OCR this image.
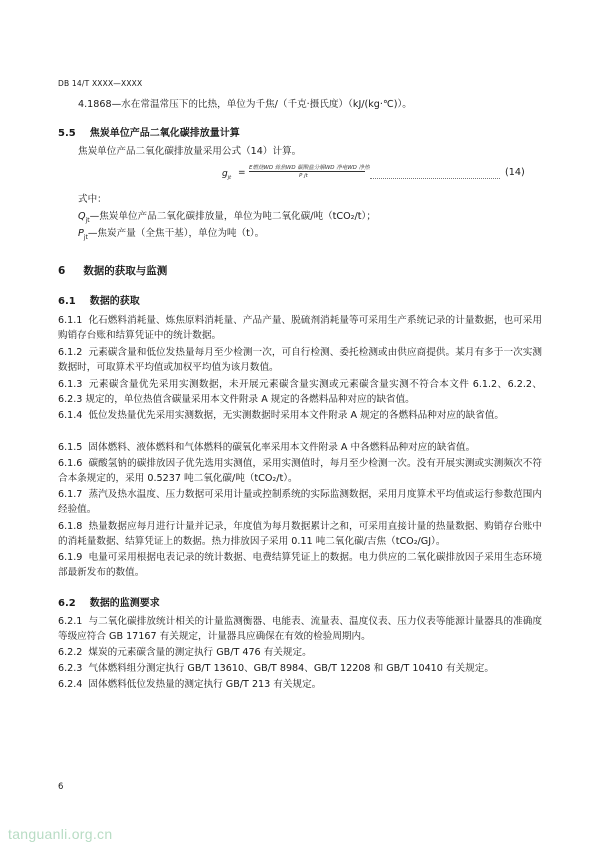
DB 14/T XXXX—XXXX
4.1868—水在常温常压下的比热，单位为千焦/（千克·摄氏度）（kJ/(kg·℃)）。
5.5 焦炭单位产品二氧化碳排放量计算
焦炭单位产品二氧化碳排放量采用公式（14）计算。
$g_{jt} = E$燃烧WD 炼焦WD 碳酸盐分解WD 净电WD 净热
P jt	(14)
式中：
$Q_{jt}—$焦炭单位产品二氧化碳排放量，单位为吨二氧化碳/吨（tCO₂/t）；
$P_{jt}—$焦炭产量（全焦干基），单位为吨（t）。
6 数据的获取与监测
6.1 数据的获取
6.1.1 化石燃料消耗量、炼焦原料消耗量、产品产量、脱硫剂消耗量等可采用生产系统记录的计量数据，也可采用购销存台账和结算凭证中的统计数据。
6.1.2 元素碳含量和低位发热量每月至少检测一次，可自行检测、委托检测或由供应商提供。某月有多于一次实测数据时，可取算术平均值或加权平均值为该月数值。
6.1.3 元素碳含量优先采用实测数据，未开展元素碳含量实测或元素碳含量实测不符合本文件 6.1.2、6.2.2、6.2.3 规定的，单位热值含碳量采用本文件附录 A 规定的各燃料品种对应的缺省值。
6.1.4 低位发热量优先采用实测数据，无实测数据时采用本文件附录 A 规定的各燃料品种对应的缺省值。
6.1.5 固体燃料、液体燃料和气体燃料的碳氧化率采用本文件附录 A 中各燃料品种对应的缺省值。
6.1.6 碳酸氢钠的碳排放因子优先选用实测值，采用实测值时，每月至少检测一次。没有开展实测或实测频次不符合本条规定的，采用 0.5237 吨二氧化碳/吨（tCO₂/t）。
6.1.7 蒸汽及热水温度、压力数据可采用计量或控制系统的实际监测数据，采用月度算术平均值或运行参数范围内经验值。
6.1.8 热量数据应每月进行计量并记录，年度值为每月数据累计之和，可采用直接计量的热量数据、购销存台账中的消耗量数据、结算凭证上的数据。热力排放因子采用 0.11 吨二氧化碳/吉焦（tCO₂/GJ）。
6.1.9 电量可采用根据电表记录的统计数据、电费结算凭证上的数据。电力供应的二氧化碳排放因子采用生态环境部最新发布的数值。
6.2 数据的监测要求
6.2.1 与二氧化碳排放统计相关的计量监测衡器、电能表、流量表、温度仪表、压力仪表等能源计量器具的准确度等级应符合 GB 17167 有关规定，计量器具应确保在有效的检验周期内。
6.2.2 煤炭的元素碳含量的测定执行 GB/T 476 有关规定。
6.2.3 气体燃料组分测定执行 GB/T 13610、GB/T 8984、GB/T 12208 和 GB/T 10410 有关规定。
6.2.4 固体燃料低位发热量的测定执行 GB/T 213 有关规定。
6
tanguanli.org.cn
